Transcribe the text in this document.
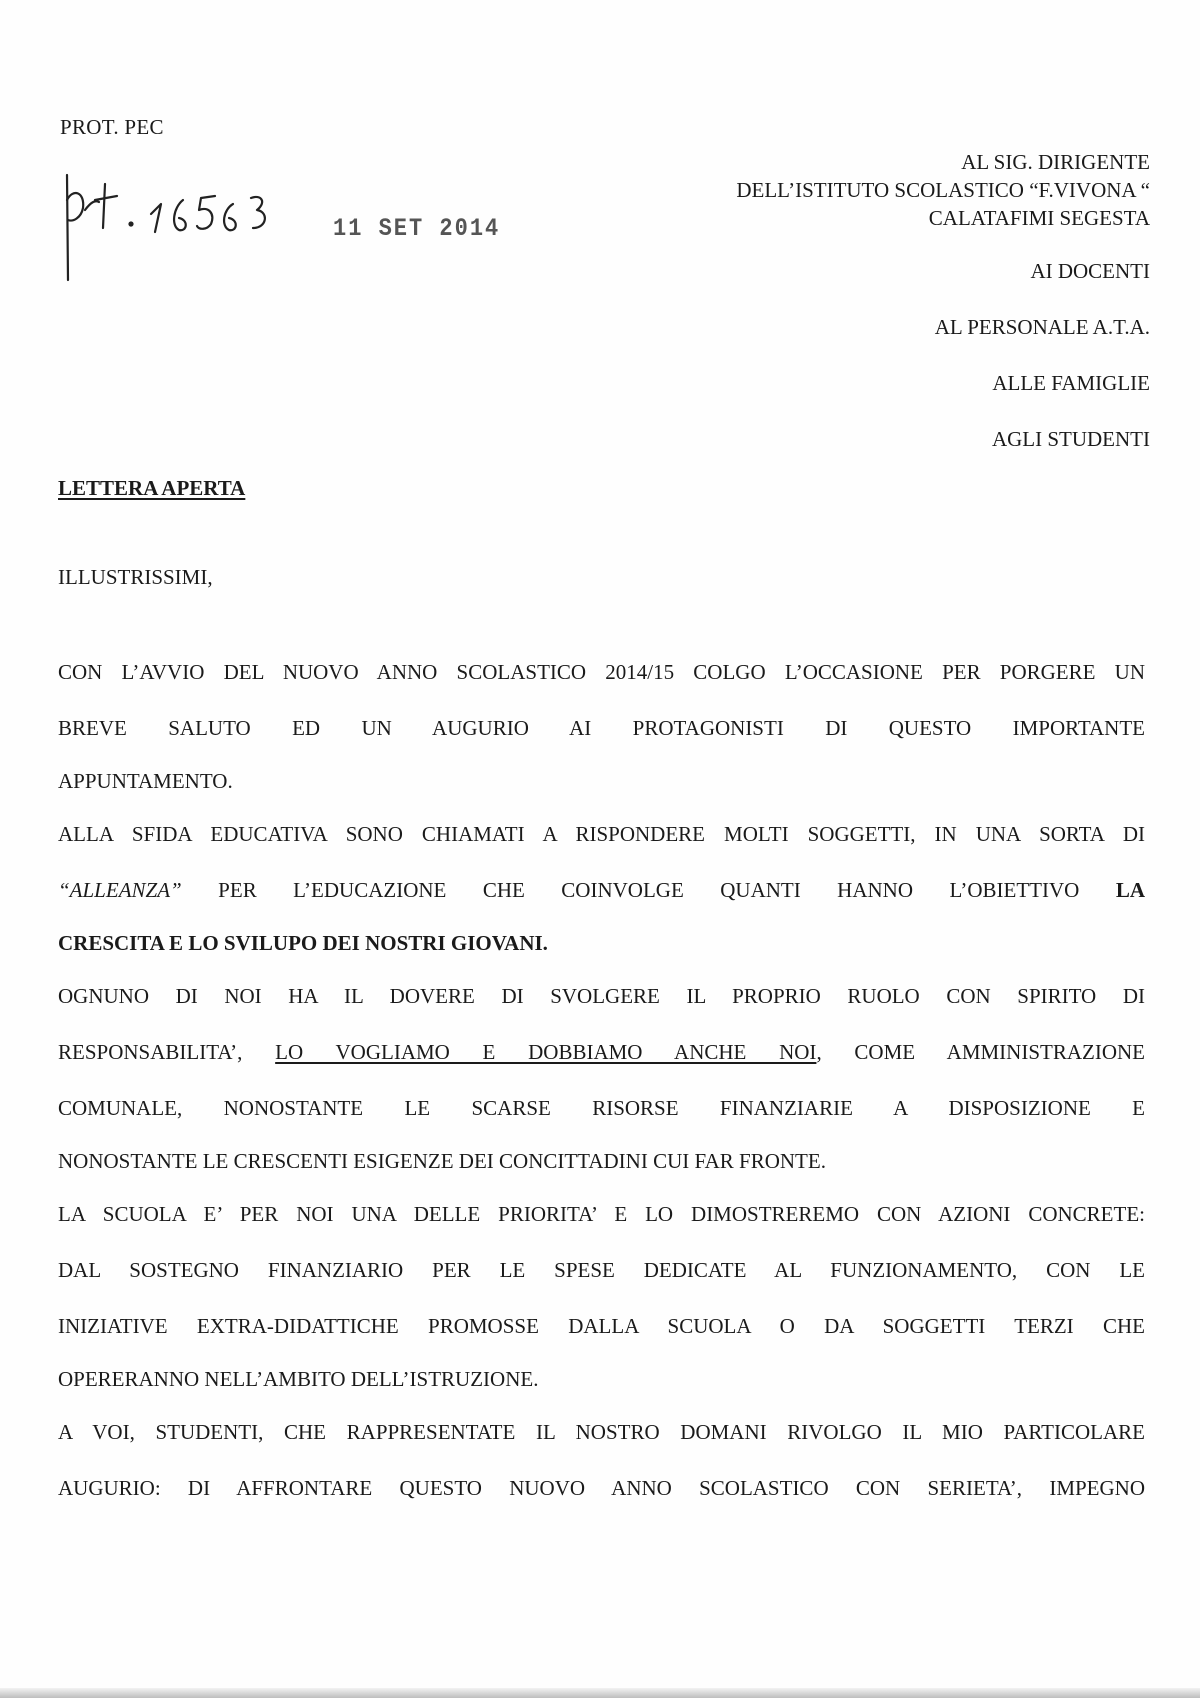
PROT. PEC
11 SET 2014
AL SIG. DIRIGENTE
DELL’ISTITUTO SCOLASTICO “F.VIVONA “
CALATAFIMI SEGESTA
AI DOCENTI
AL PERSONALE A.T.A.
ALLE FAMIGLIE
AGLI STUDENTI
LETTERA APERTA
ILLUSTRISSIMI,
CON L’AVVIO DEL NUOVO ANNO SCOLASTICO 2014/15 COLGO L’OCCASIONE PER PORGERE UN
BREVE SALUTO ED UN AUGURIO AI PROTAGONISTI DI QUESTO IMPORTANTE
APPUNTAMENTO.
ALLA SFIDA EDUCATIVA SONO CHIAMATI A RISPONDERE MOLTI SOGGETTI, IN UNA SORTA DI
“ALLEANZA” PER L’EDUCAZIONE CHE COINVOLGE QUANTI HANNO L’OBIETTIVO LA
CRESCITA E LO SVILUPO DEI NOSTRI GIOVANI.
OGNUNO DI NOI HA IL DOVERE DI SVOLGERE IL PROPRIO RUOLO CON SPIRITO DI
RESPONSABILITA’, LO VOGLIAMO E DOBBIAMO ANCHE NOI, COME AMMINISTRAZIONE
COMUNALE, NONOSTANTE LE SCARSE RISORSE FINANZIARIE A DISPOSIZIONE E
NONOSTANTE LE CRESCENTI ESIGENZE DEI CONCITTADINI CUI FAR FRONTE.
LA SCUOLA E’ PER NOI UNA DELLE PRIORITA’ E LO DIMOSTREREMO CON AZIONI CONCRETE:
DAL SOSTEGNO FINANZIARIO PER LE SPESE DEDICATE AL FUNZIONAMENTO, CON LE
INIZIATIVE EXTRA-DIDATTICHE PROMOSSE DALLA SCUOLA O DA SOGGETTI TERZI CHE
OPERERANNO NELL’AMBITO DELL’ISTRUZIONE.
A VOI, STUDENTI, CHE RAPPRESENTATE IL NOSTRO DOMANI RIVOLGO IL MIO PARTICOLARE
AUGURIO: DI AFFRONTARE QUESTO NUOVO ANNO SCOLASTICO CON SERIETA’, IMPEGNO
